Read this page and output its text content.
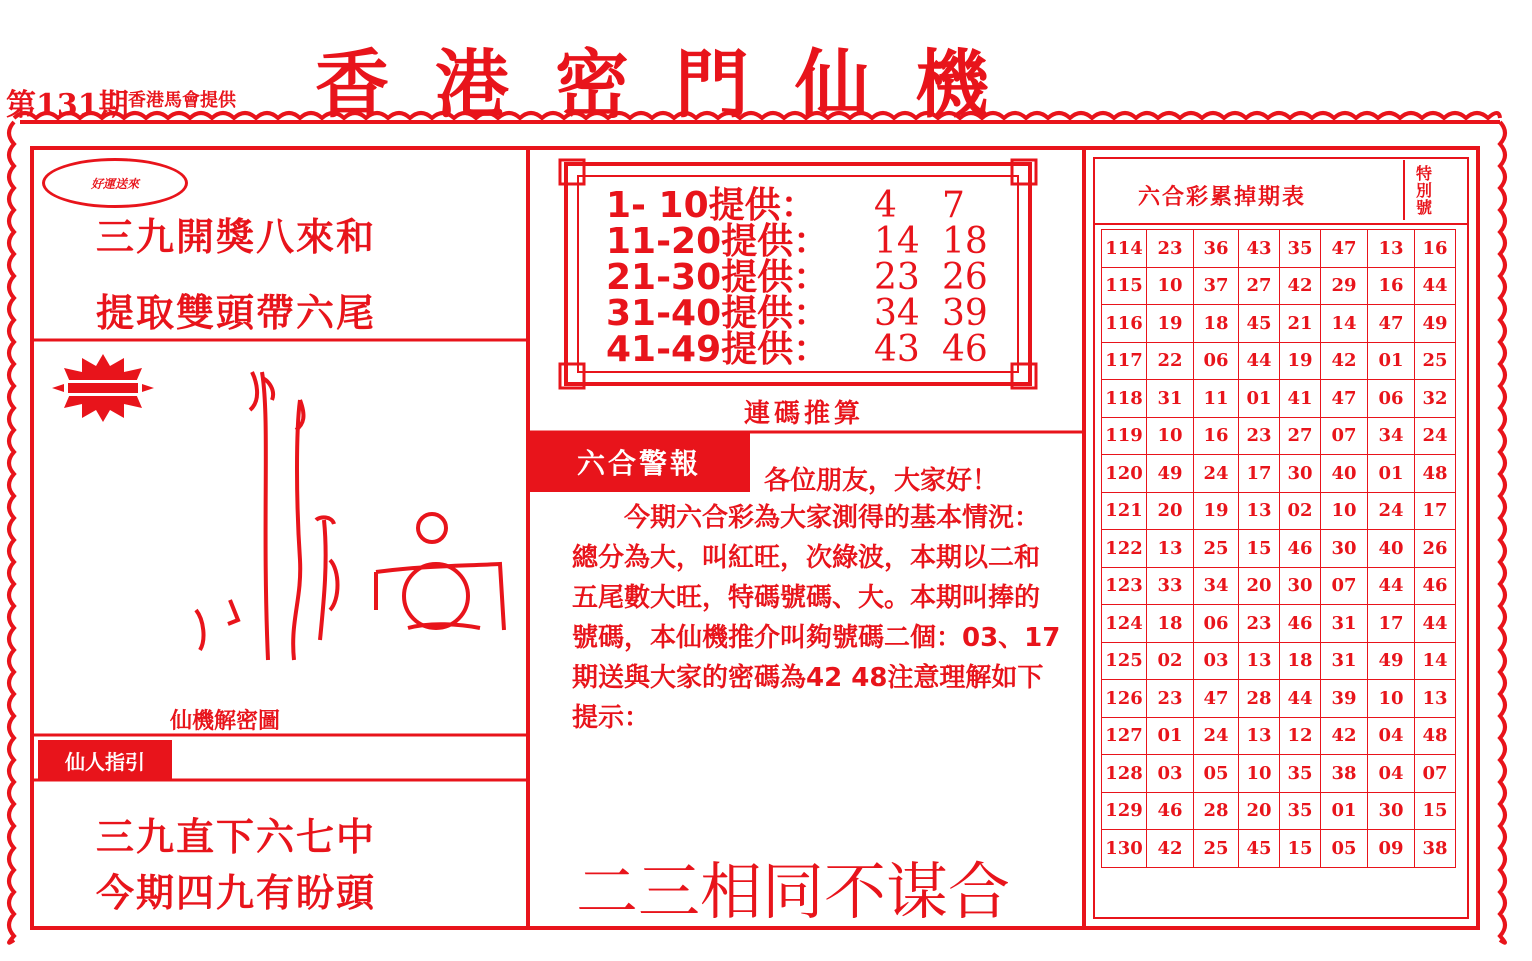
第131期 香港馬會提供 香港密門仙機
好運送來
三九開獎八來和
提取雙頭帶六尾
仙機解密圖
仙人指引
三九直下六七中
今期四九有盼頭
1- 10提供：	4	7
11-20提供：	14 18
21-30提供：	23 26
31-40提供：	34 39
41-49提供：	43 46
連碼推算
六合警報
各位朋友，大家好！
　　今期六合彩為大家測得的基本情況：總分為大，叫紅旺，次綠波，本期以二和五尾數大旺，特碼號碼、大。本期叫捧的號碼，本仙機推介叫夠號碼二個：03、17期送與大家的密碼為42 48注意理解如下提示：
二三相同不谋合
六合彩累掉期表
特別號
114	23	36	43	35	47	13	16
115	10	37	27	42	29	16	44
116	19	18	45	21	14	47	49
117	22	06	44	19	42	01	25
118	31	11	01	41	47	06	32
119	10	16	23	27	07	34	24
120	49	24	17	30	40	01	48
121	20	19	13	02	10	24	17
122	13	25	15	46	30	40	26
123	33	34	20	30	07	44	46
124	18	06	23	46	31	17	44
125	02	03	13	18	31	49	14
126	23	47	28	44	39	10	13
127	01	24	13	12	42	04	48
128	03	05	10	35	38	04	07
129	46	28	20	35	01	30	15
130	42	25	45	15	05	09	38
